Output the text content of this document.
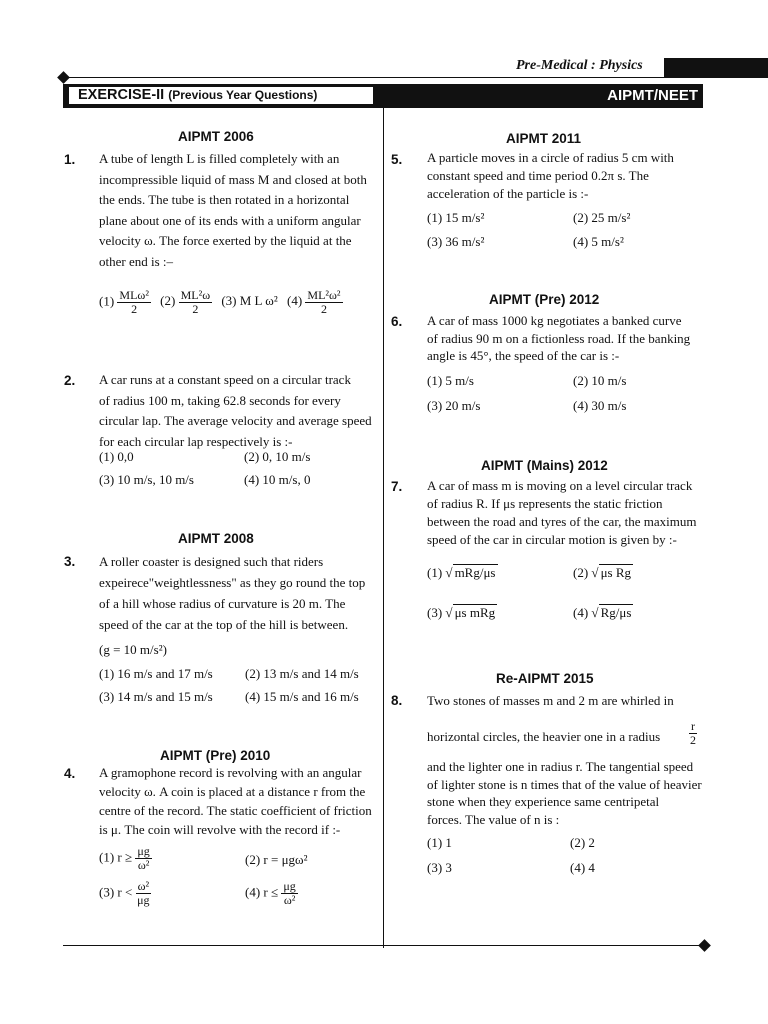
Pre-Medical : Physics
EXERCISE-II (Previous Year Questions)	AIPMT/NEET
AIPMT 2006
1. A tube of length L is filled completely with an
incompressible liquid of mass M and closed at both
the ends. The tube is then rotated in a horizontal
plane about one of its ends with a uniform angular
velocity ω. The force exerted by the liquid at the
other end is :–
$(1) \frac{\text{MLω²}}{2} (2) \frac{\text{ML²ω}}{2} (3)$ M L ω² $(4) \frac{\text{ML²ω²}}{2}$
2. A car runs at a constant speed on a circular track
of radius 100 m, taking 62.8 seconds for every
circular lap. The average velocity and average speed
for each circular lap respectively is :-
(1) 0,0	(2) 0, 10 m/s
(3) 10 m/s, 10 m/s	(4) 10 m/s, 0
AIPMT 2008
3. A roller coaster is designed such that riders
expeirece"weightlessness" as they go round the top
of a hill whose radius of curvature is 20 m. The
speed of the car at the top of the hill is between.
(g = 10 m/s²)
(1) 16 m/s and 17 m/s (2) 13 m/s and 14 m/s
(3) 14 m/s and 15 m/s (4) 15 m/s and 16 m/s
AIPMT (Pre) 2010
4. A gramophone record is revolving with an angular
velocity ω. A coin is placed at a distance r from the
centre of the record. The static coefficient of friction
is μ. The coin will revolve with the record if :-
(1) $r \ge \frac{\mu g}{\text{ω²}}$	(2) r = μgω²
(3) $r < \frac{\text{ω²}}{\mu g}$	(4) $r \le \frac{\mu g}{\text{ω²}}$
AIPMT 2011
5. A particle moves in a circle of radius 5 cm with
constant speed and time period 0.2π s. The
acceleration of the particle is :-
(1) 15 m/s²	(2) 25 m/s²
(3) 36 m/s²	(4) 5 m/s²
AIPMT (Pre) 2012
6. A car of mass 1000 kg negotiates a banked curve
of radius 90 m on a fictionless road. If the banking
angle is 45°, the speed of the car is :-
(1) 5 m/s	(2) 10 m/s
(3) 20 m/s	(4) 30 m/s
AIPMT (Mains) 2012
7. A car of mass m is moving on a level circular track
of radius R. If μs represents the static friction
between the road and tyres of the car, the maximum
speed of the car in circular motion is given by :-
(1) √ mRg/μs	(2) √ μs Rg
(3) √ μs mRg	(4) √ Rg/μs
Re-AIPMT 2015
8. Two stones of masses m and 2 m are whirled in
horizontal circles, the heavier one in a radius $\frac{r}{2}$
and the lighter one in radius r. The tangential speed
of lighter stone is n times that of the value of heavier
stone when they experience same centripetal
forces. The value of n is :
(1) 1	(2) 2
(3) 3	(4) 4
